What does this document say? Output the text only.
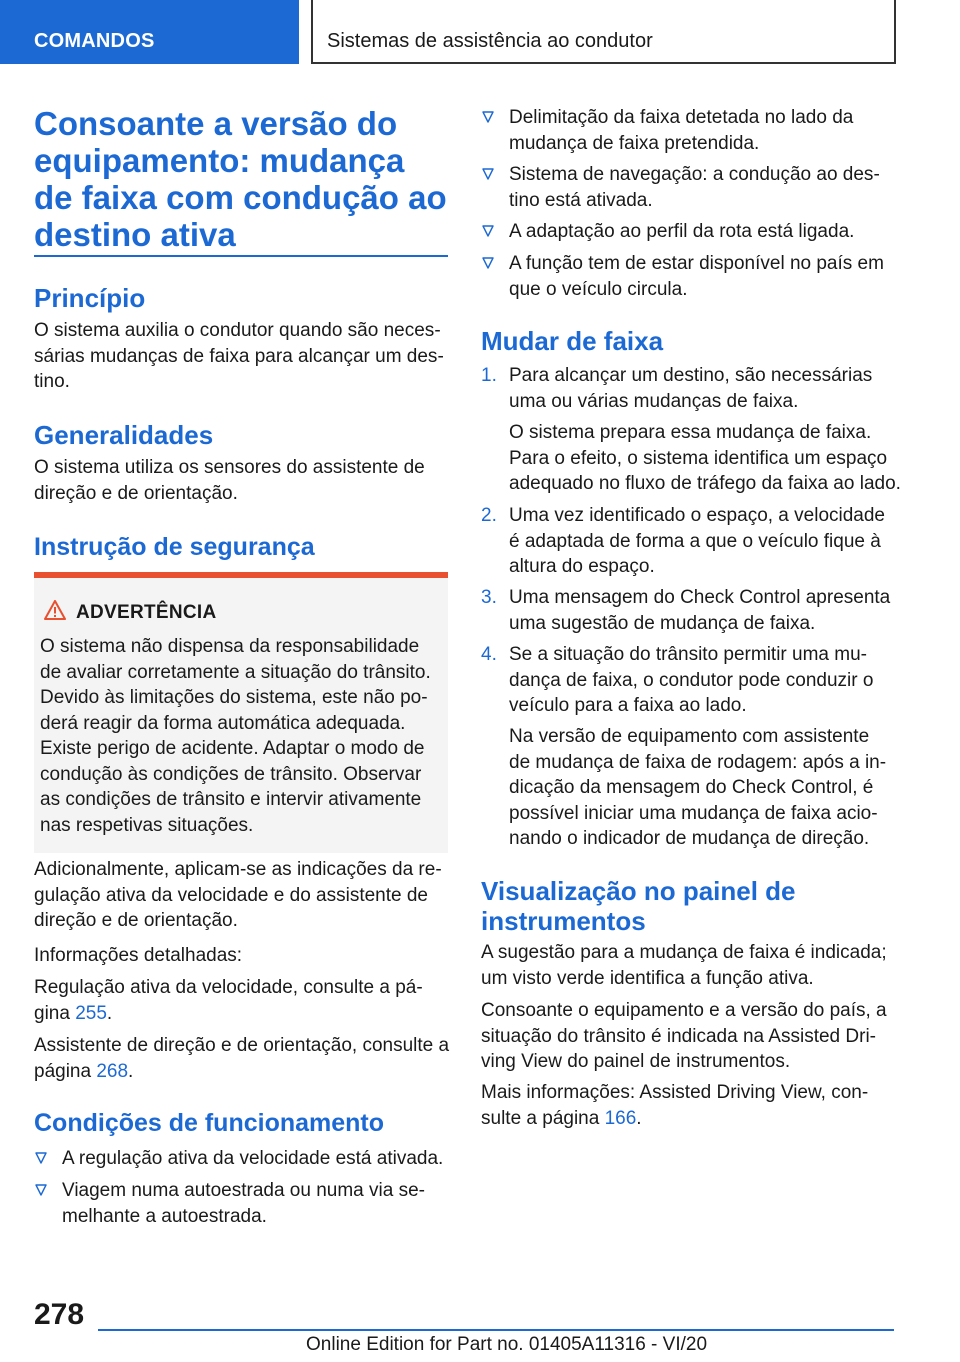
COMANDOS	Sistemas de assistência ao condutor
Consoante a versão do equipamento: mudança de faixa com condução ao destino ativa
Princípio

O sistema auxilia o condutor quando são necessárias mudanças de faixa para alcançar um destino.

Generalidades

O sistema utiliza os sensores do assistente de direção e de orientação.

Instrução de segurança
ADVERTÊNCIA

O sistema não dispensa da responsabilidade de avaliar corretamente a situação do trânsito. Devido às limitações do sistema, este não poderá reagir da forma automática adequada. Existe perigo de acidente. Adaptar o modo de condução às condições de trânsito. Observar as condições de trânsito e intervir ativamente nas respetivas situações.

Adicionalmente, aplicam-se as indicações da regulação ativa da velocidade e do assistente de direção e de orientação.

Informações detalhadas:

Regulação ativa da velocidade, consulte a página 255.

Assistente de direção e de orientação, consulte a página 268.

Condições de funcionamento
A regulação ativa da velocidade está ativada.
Viagem numa autoestrada ou numa via semelhante a autoestrada.
Delimitação da faixa detetada no lado da mudança de faixa pretendida.
Sistema de navegação: a condução ao destino está ativada.
A adaptação ao perfil da rota está ligada.
A função tem de estar disponível no país em que o veículo circula.
Mudar de faixa
1. Para alcançar um destino, são necessárias uma ou várias mudanças de faixa.

O sistema prepara essa mudança de faixa. Para o efeito, o sistema identifica um espaço adequado no fluxo de tráfego da faixa ao lado.

2. Uma vez identificado o espaço, a velocidade é adaptada de forma a que o veículo fique à altura do espaço.
3. Uma mensagem do Check Control apresenta uma sugestão de mudança de faixa.
4. Se a situação do trânsito permitir uma mudança de faixa, o condutor pode conduzir o veículo para a faixa ao lado.

Na versão de equipamento com assistente de mudança de faixa de rodagem: após a indicação da mensagem do Check Control, é possível iniciar uma mudança de faixa acionando o indicador de mudança de direção.

Visualização no painel de instrumentos

A sugestão para a mudança de faixa é indicada; um visto verde identifica a função ativa.

Consoante o equipamento e a versão do país, a situação do trânsito é indicada na Assisted Driving View do painel de instrumentos.

Mais informações: Assisted Driving View, consulte a página 166.

278
Online Edition for Part no. 01405A11316 - VI/20
